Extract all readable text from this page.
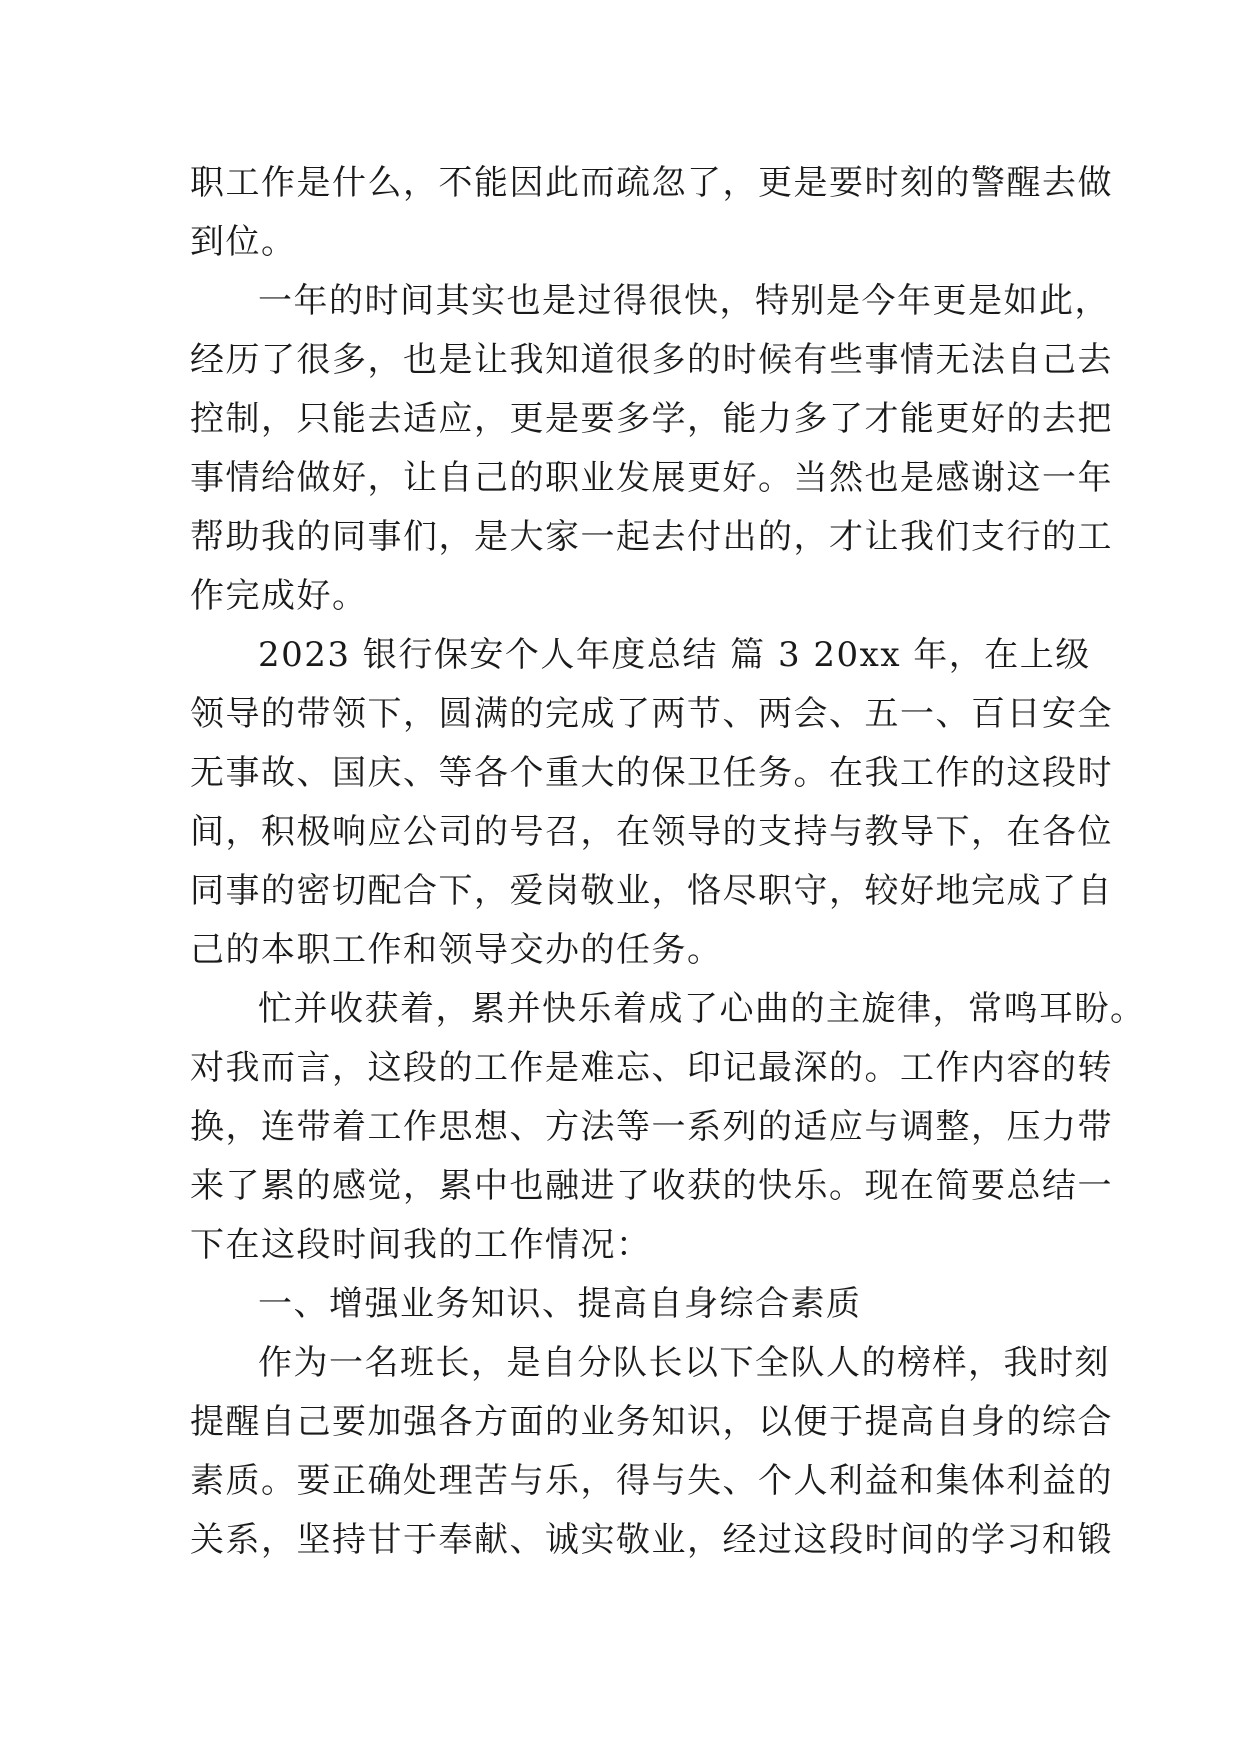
职工作是什么，不能因此而疏忽了，更是要时刻的警醒去做
到位。
一年的时间其实也是过得很快，特别是今年更是如此，
经历了很多，也是让我知道很多的时候有些事情无法自己去
控制，只能去适应，更是要多学，能力多了才能更好的去把
事情给做好，让自己的职业发展更好。当然也是感谢这一年
帮助我的同事们，是大家一起去付出的，才让我们支行的工
作完成好。
2023 银行保安个人年度总结 篇 3 20xx 年，在上级
领导的带领下，圆满的完成了两节、两会、五一、百日安全
无事故、国庆、等各个重大的保卫任务。在我工作的这段时
间，积极响应公司的号召，在领导的支持与教导下，在各位
同事的密切配合下，爱岗敬业，恪尽职守，较好地完成了自
己的本职工作和领导交办的任务。
忙并收获着，累并快乐着成了心曲的主旋律，常鸣耳盼。
对我而言，这段的工作是难忘、印记最深的。工作内容的转
换，连带着工作思想、方法等一系列的适应与调整，压力带
来了累的感觉，累中也融进了收获的快乐。现在简要总结一
下在这段时间我的工作情况：
一、增强业务知识、提高自身综合素质
作为一名班长，是自分队长以下全队人的榜样，我时刻
提醒自己要加强各方面的业务知识，以便于提高自身的综合
素质。要正确处理苦与乐，得与失、个人利益和集体利益的
关系，坚持甘于奉献、诚实敬业，经过这段时间的学习和锻
